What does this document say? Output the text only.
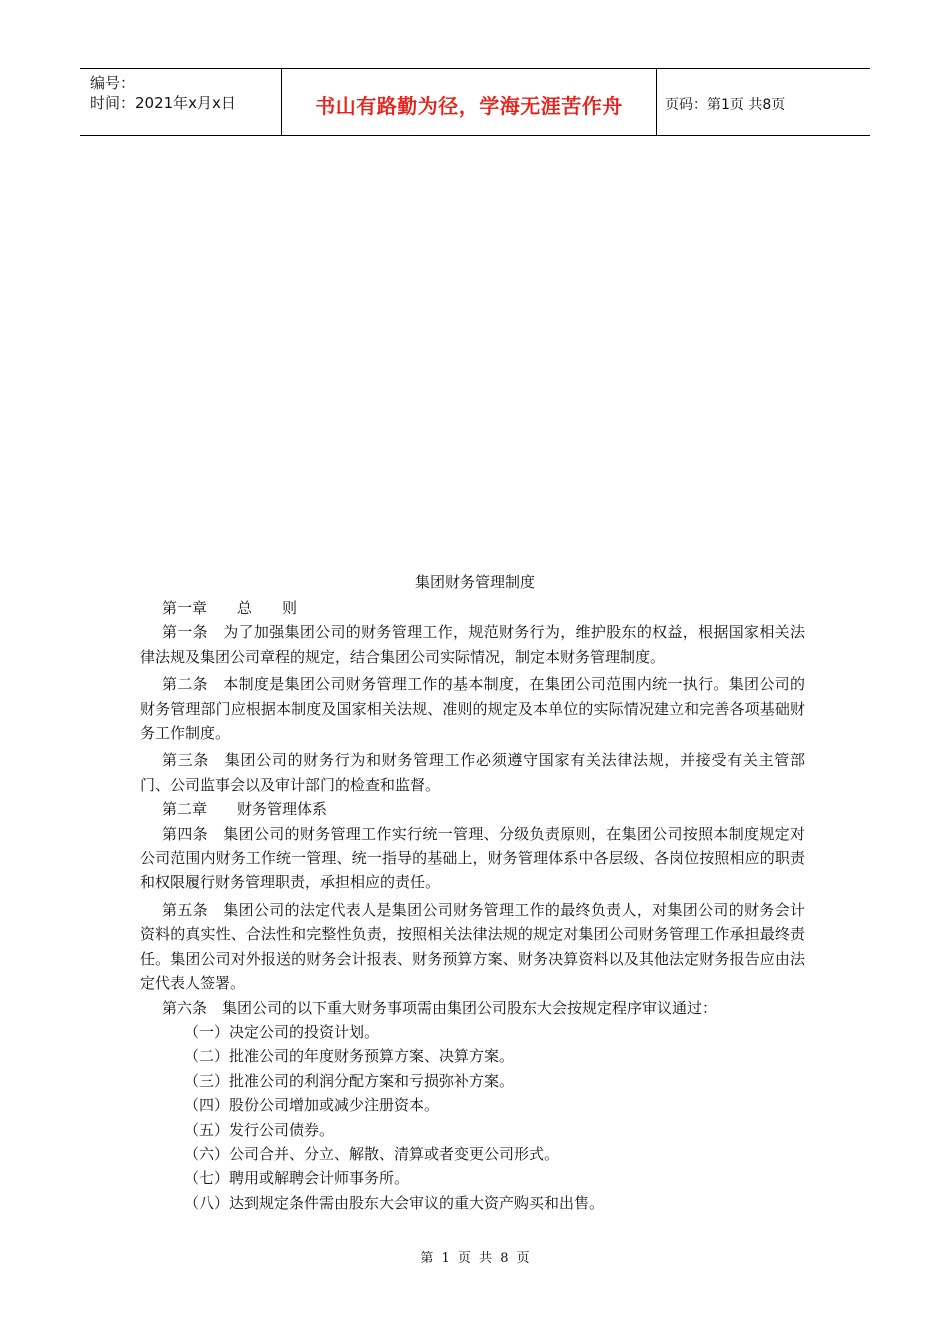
编号：
时间：2021年x月x日	书山有路勤为径，学海无涯苦作舟	页码：第1页 共8页
集团财务管理制度

第一章　　总　　则

第一条　为了加强集团公司的财务管理工作，规范财务行为，维护股东的权益，根据国家相关法律法规及集团公司章程的规定，结合集团公司实际情况，制定本财务管理制度。

第二条　本制度是集团公司财务管理工作的基本制度，在集团公司范围内统一执行。集团公司的财务管理部门应根据本制度及国家相关法规、准则的规定及本单位的实际情况建立和完善各项基础财务工作制度。

第三条　集团公司的财务行为和财务管理工作必须遵守国家有关法律法规，并接受有关主管部门、公司监事会以及审计部门的检查和监督。

第二章　　财务管理体系

第四条　集团公司的财务管理工作实行统一管理、分级负责原则，在集团公司按照本制度规定对公司范围内财务工作统一管理、统一指导的基础上，财务管理体系中各层级、各岗位按照相应的职责和权限履行财务管理职责，承担相应的责任。

第五条　集团公司的法定代表人是集团公司财务管理工作的最终负责人，对集团公司的财务会计资料的真实性、合法性和完整性负责，按照相关法律法规的规定对集团公司财务管理工作承担最终责任。集团公司对外报送的财务会计报表、财务预算方案、财务决算资料以及其他法定财务报告应由法定代表人签署。

第六条　集团公司的以下重大财务事项需由集团公司股东大会按规定程序审议通过：

（一）决定公司的投资计划。

（二）批准公司的年度财务预算方案、决算方案。

（三）批准公司的利润分配方案和亏损弥补方案。

（四）股份公司增加或减少注册资本。

（五）发行公司债券。

（六）公司合并、分立、解散、清算或者变更公司形式。

（七）聘用或解聘会计师事务所。

（八）达到规定条件需由股东大会审议的重大资产购买和出售。

第 1 页 共 8 页
